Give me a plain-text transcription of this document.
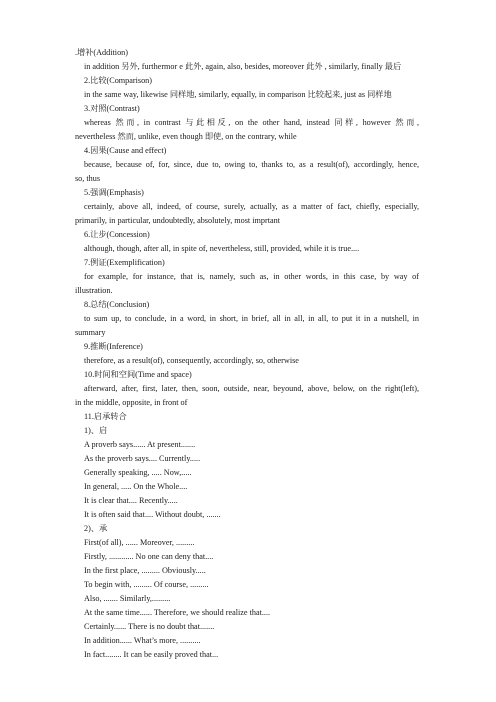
.增补(Addition)
in addition 另外, furthermor e 此外, again, also, besides, moreover 此外 , similarly, finally 最后
2.比较(Comparison)
in the same way, likewise 同样地, similarly, equally, in comparison 比较起来, just as 同样地
3.对照(Contrast)
whereas 然而, in contrast 与此相反, on the other hand, instead 同样, however 然而,
nevertheless 然而, unlike, even though 即使, on the contrary, while
4.因果(Cause and effect)
because, because of, for, since, due to, owing to, thanks to, as a result(of), accordingly, hence,
so, thus
5.强调(Emphasis)
certainly, above all, indeed, of course, surely, actually, as a matter of fact, chiefly, especially,
primarily, in particular, undoubtedly, absolutely, most imprtant
6.让步(Concession)
although, though, after all, in spite of, nevertheless, still, provided, while it is true....
7.例证(Exemplification)
for example, for instance, that is, namely, such as, in other words, in this case, by way of
illustration.
8.总结(Conclusion)
to sum up, to conclude, in a word, in short, in brief, all in all, in all, to put it in a nutshell, in
summary
9.推断(Inference)
therefore, as a result(of), consequently, accordingly, so, otherwise
10.时间和空间(Time and space)
afterward, after, first, later, then, soon, outside, near, beyound, above, below, on the right(left),
in the middle, opposite, in front of
11.启承转合
1)、启
A proverb says...... At present.......
As the proverb says.... Currently.....
Generally speaking, ..... Now,.....
In general, ..... On the Whole....
It is clear that.... Recently.....
It is often said that.... Without doubt, .......
2)、承
First(of all), ...... Moreover, .........
Firstly, ............ No one can deny that....
In the first place, ......... Obviously.....
To begin with, ......... Of course, .........
Also, ....... Similarly,.........
At the same time...... Therefore, we should realize that....
Certainly...... There is no doubt that.......
In addition...... What’s more, ..........
In fact........ It can be easily proved that...
